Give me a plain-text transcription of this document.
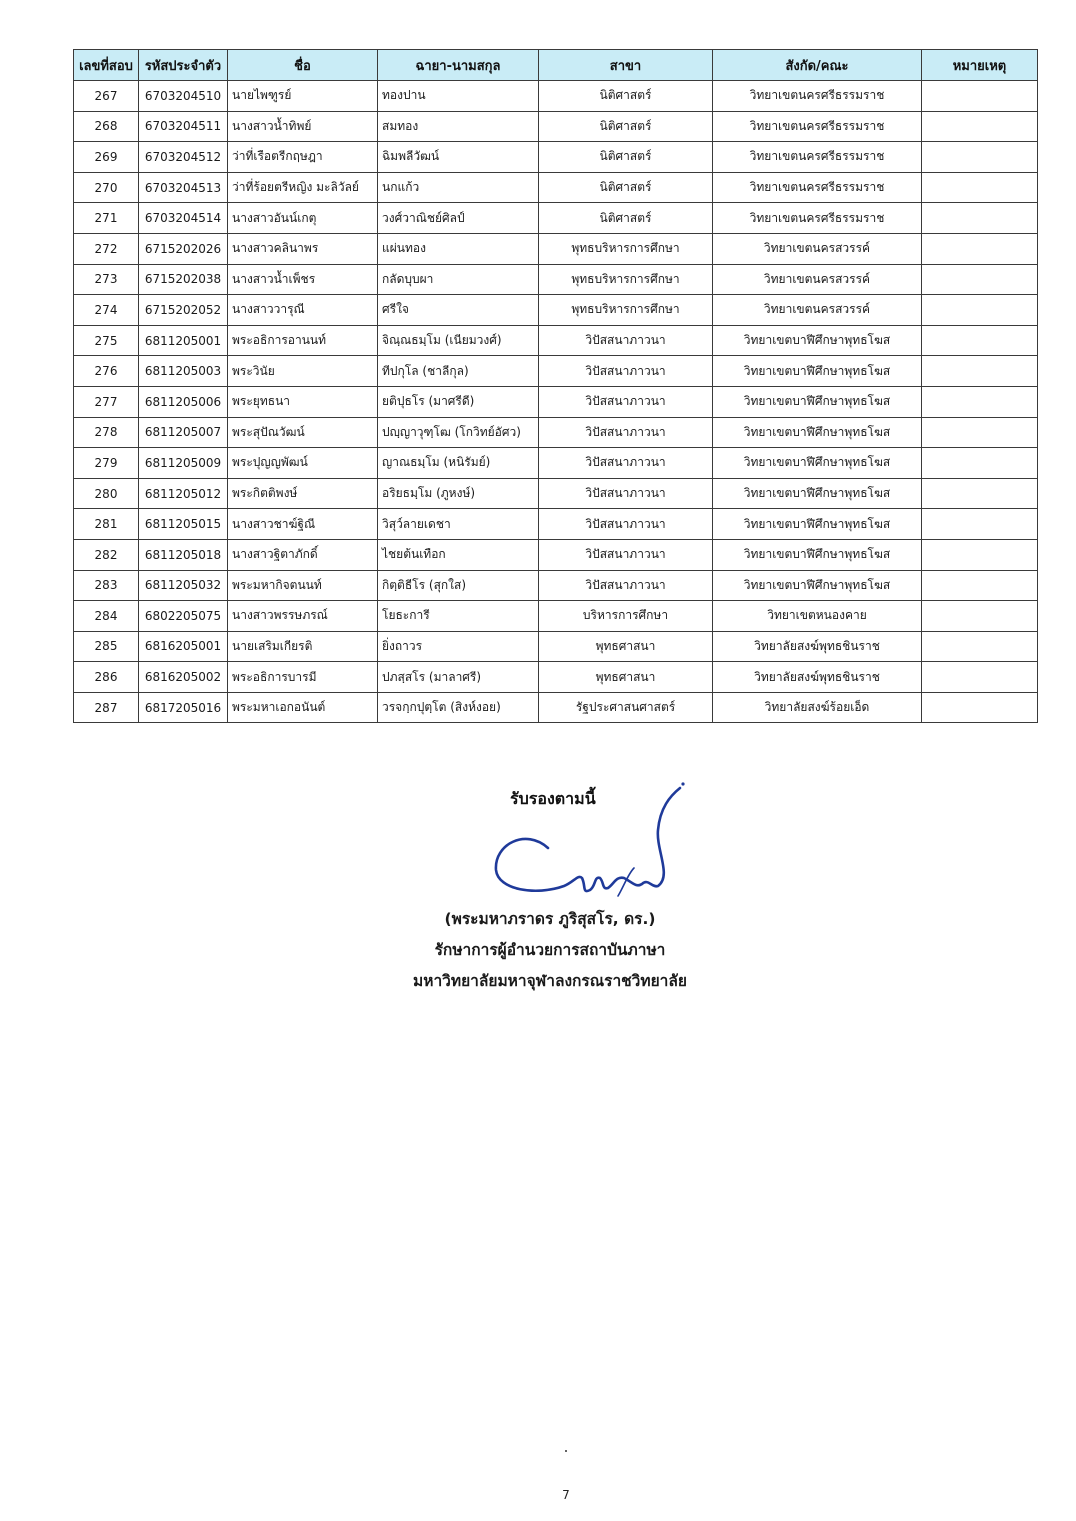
เลขที่สอบ	รหัสประจำตัว	ชื่อ	ฉายา-นามสกุล	สาขา	สังกัด/คณะ	หมายเหตุ
267	6703204510	นายไพฑูรย์	ทองปาน	นิติศาสตร์	วิทยาเขตนครศรีธรรมราช	
268	6703204511	นางสาวน้ำทิพย์	สมทอง	นิติศาสตร์	วิทยาเขตนครศรีธรรมราช	
269	6703204512	ว่าที่เรือตรีกฤษฎา	ฉิมพลีวัฒน์	นิติศาสตร์	วิทยาเขตนครศรีธรรมราช	
270	6703204513	ว่าที่ร้อยตรีหญิง มะลิวัลย์	นกแก้ว	นิติศาสตร์	วิทยาเขตนครศรีธรรมราช	
271	6703204514	นางสาวอันน์เกตุ	วงศ์วาณิชย์ศิลป์	นิติศาสตร์	วิทยาเขตนครศรีธรรมราช	
272	6715202026	นางสาวคลินาพร	แผ่นทอง	พุทธบริหารการศึกษา	วิทยาเขตนครสวรรค์	
273	6715202038	นางสาวน้ำเพ็ชร	กลัดบุบผา	พุทธบริหารการศึกษา	วิทยาเขตนครสวรรค์	
274	6715202052	นางสาววารุณี	ศรีใจ	พุทธบริหารการศึกษา	วิทยาเขตนครสวรรค์	
275	6811205001	พระอธิการอานนท์	จิณฺณธมฺโม (เนียมวงศ์)	วิปัสสนาภาวนา	วิทยาเขตบาฬีศึกษาพุทธโฆส	
276	6811205003	พระวินัย	ทีปกุโล (ชาลีกุล)	วิปัสสนาภาวนา	วิทยาเขตบาฬีศึกษาพุทธโฆส	
277	6811205006	พระยุทธนา	ยติปุธโร (มาศรีดี)	วิปัสสนาภาวนา	วิทยาเขตบาฬีศึกษาพุทธโฆส	
278	6811205007	พระสุปัณวัฒน์	ปญฺญาวุฑฺโฒ (โกวิทย์อัศว)	วิปัสสนาภาวนา	วิทยาเขตบาฬีศึกษาพุทธโฆส	
279	6811205009	พระปุญญพัฒน์	ญาณธมฺโม (หนิรัมย์)	วิปัสสนาภาวนา	วิทยาเขตบาฬีศึกษาพุทธโฆส	
280	6811205012	พระกิตติพงษ์	อริยธมฺโม (ภูหงษ์)	วิปัสสนาภาวนา	วิทยาเขตบาฬีศึกษาพุทธโฆส	
281	6811205015	นางสาวชาฆ์ฐิณี	วิสุว์ลายเดชา	วิปัสสนาภาวนา	วิทยาเขตบาฬีศึกษาพุทธโฆส	
282	6811205018	นางสาวฐิตาภักดิ์	ไชยต้นเทือก	วิปัสสนาภาวนา	วิทยาเขตบาฬีศึกษาพุทธโฆส	
283	6811205032	พระมหากิจตนนท์	กิตฺติธีโร (สุกใส)	วิปัสสนาภาวนา	วิทยาเขตบาฬีศึกษาพุทธโฆส	
284	6802205075	นางสาวพรรษภรณ์	โยธะการี	บริหารการศึกษา	วิทยาเขตหนองคาย	
285	6816205001	นายเสริมเกียรติ	ยิ่งถาวร	พุทธศาสนา	วิทยาลัยสงฆ์พุทธชินราช	
286	6816205002	พระอธิการบารมี	ปภสฺสโร (มาลาศรี)	พุทธศาสนา	วิทยาลัยสงฆ์พุทธชินราช	
287	6817205016	พระมหาเอกอนันต์	วรจกฺกปุตฺโต (สิงห์งอย)	รัฐประศาสนศาสตร์	วิทยาลัยสงฆ์ร้อยเอ็ด	
รับรองตามนี้
(พระมหาภราดร ภูริสุสโร, ดร.)
รักษาการผู้อำนวยการสถาบันภาษา
มหาวิทยาลัยมหาจุฬาลงกรณราชวิทยาลัย
7
